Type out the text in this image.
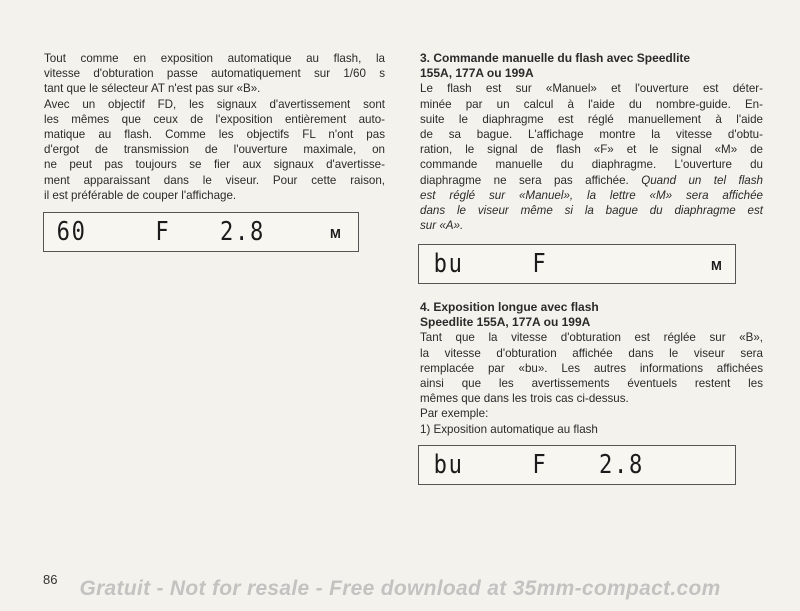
Tout comme en exposition automatique au flash, la
vitesse d'obturation passe automatiquement sur 1/60 s
tant que le sélecteur AT n'est pas sur «B».
Avec un objectif FD, les signaux d'avertissement sont
les mêmes que ceux de l'exposition entièrement auto-
matique au flash. Comme les objectifs FL n'ont pas
d'ergot de transmission de l'ouverture maximale, on
ne peut pas toujours se fier aux signaux d'avertisse-
ment apparaissant dans le viseur. Pour cette raison,
il est préférable de couper l'affichage.
60	F 2.8	M
3. Commande manuelle du flash avec Speedlite
155A, 177A ou 199A
Le flash est sur «Manuel» et l'ouverture est déter-
minée par un calcul à l'aide du nombre-guide. En-
suite le diaphragme est réglé manuellement à l'aide
de sa bague. L'affichage montre la vitesse d'obtu-
ration, le signal de flash «F» et le signal «M» de
commande manuelle du diaphragme. L'ouverture du
diaphragme ne sera pas affichée. Quand un tel flash
est réglé sur «Manuel», la lettre «M» sera affichée
dans le viseur même si la bague du diaphragme est
sur «A».
bu	F	M
4. Exposition longue avec flash
Speedlite 155A, 177A ou 199A
Tant que la vitesse d'obturation est réglée sur «B»,
la vitesse d'obturation affichée dans le viseur sera
remplacée par «bu». Les autres informations affichées
ainsi que les avertissements éventuels restent les
mêmes que dans les trois cas ci-dessus.
Par exemple:
1) Exposition automatique au flash
bu	F 2.8
86	Gratuit - Not for resale - Free download at 35mm-compact.com
